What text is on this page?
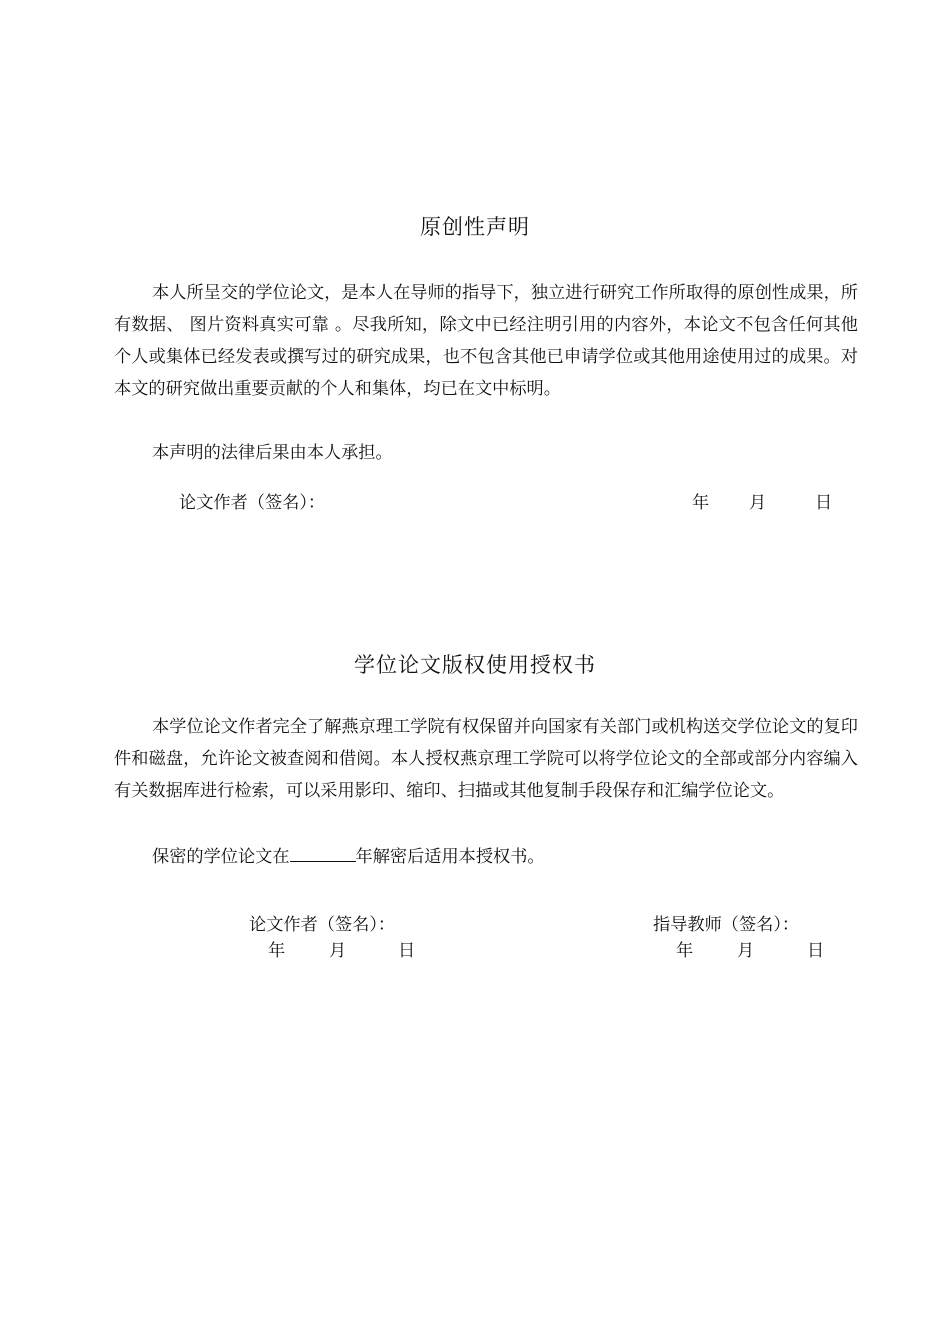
原创性声明

本人所呈交的学位论文，是本人在导师的指导下，独立进行研究工作所取得的原创性成果，所有数据、 图片资料真实可靠 。尽我所知，除文中已经注明引用的内容外，本论文不包含任何其他个人或集体已经发表或撰写过的研究成果，也不包含其他已申请学位或其他用途使用过的成果。对本文的研究做出重要贡献的个人和集体，均已在文中标明。

本声明的法律后果由本人承担。

论文作者（签名）：	年 月	日
学位论文版权使用授权书

本学位论文作者完全了解燕京理工学院有权保留并向国家有关部门或机构送交学位论文的复印件和磁盘，允许论文被查阅和借阅。本人授权燕京理工学院可以将学位论文的全部或部分内容编入有关数据库进行检索，可以采用影印、缩印、扫描或其他复制手段保存和汇编学位论文。

保密的学位论文在	年解密后适用本授权书。
论文作者（签名）：	指导教师（签名）：
年	月	日	年	月	日
